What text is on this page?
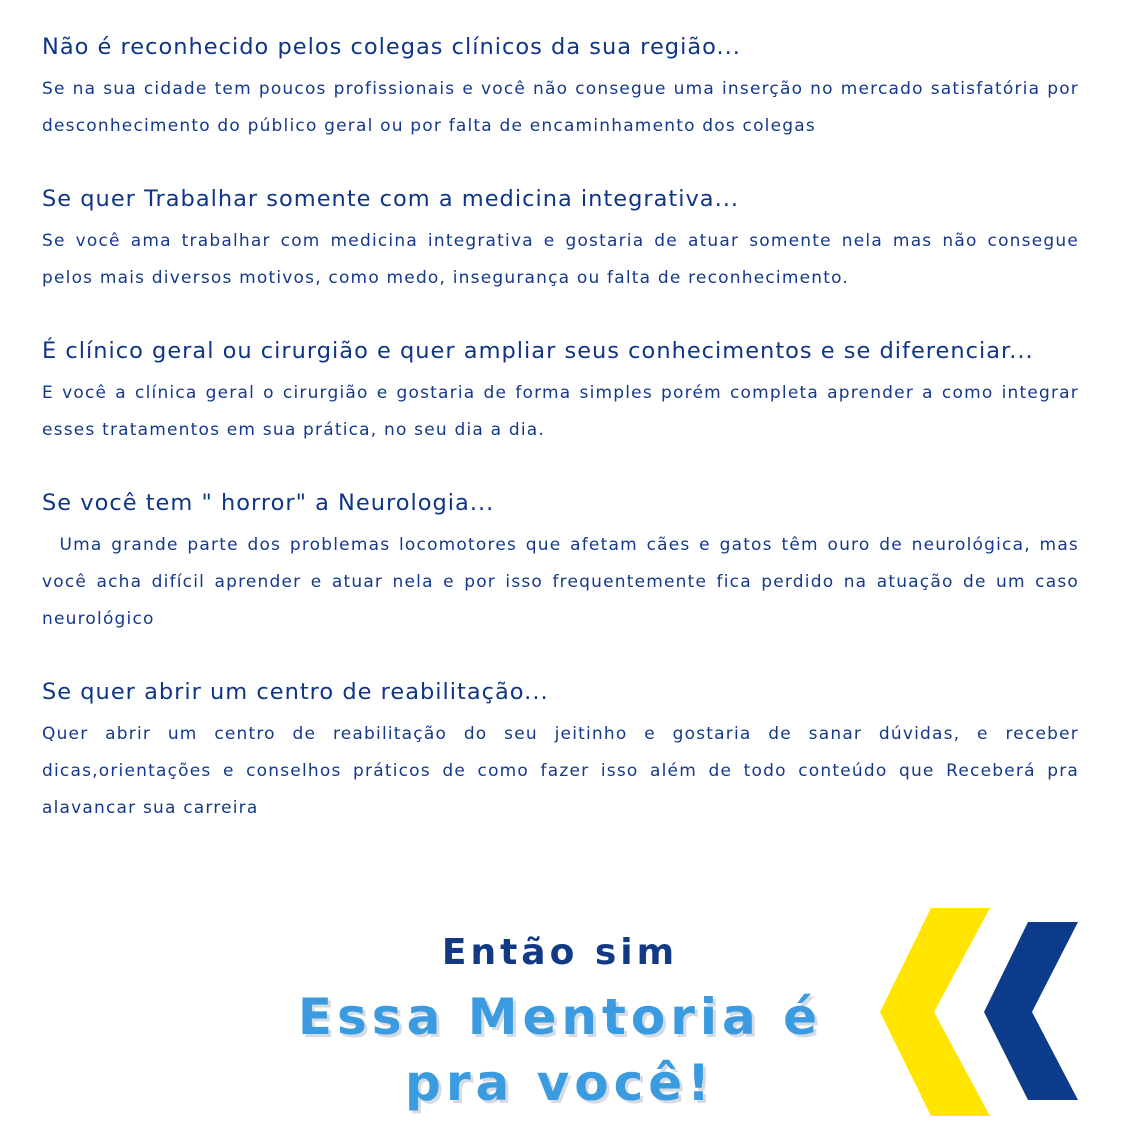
Não é reconhecido pelos colegas clínicos da sua região...

Se na sua cidade tem poucos profissionais e você não consegue uma inserção no mercado satisfatória por desconhecimento do público geral ou por falta de encaminhamento dos colegas

Se quer Trabalhar somente com a medicina integrativa...

Se você ama trabalhar com medicina integrativa e gostaria de atuar somente nela mas não consegue pelos mais diversos motivos, como medo, insegurança ou falta de reconhecimento.

É clínico geral ou cirurgião e quer ampliar seus conhecimentos e se diferenciar...

E você a clínica geral o cirurgião e gostaria de forma simples porém completa aprender a como integrar esses tratamentos em sua prática, no seu dia a dia.

Se você tem " horror" a Neurologia...

Uma grande parte dos problemas locomotores que afetam cães e gatos têm ouro de neurológica, mas você acha difícil aprender e atuar nela e por isso frequentemente fica perdido na atuação de um caso neurológico

Se quer abrir um centro de reabilitação...

Quer abrir um centro de reabilitação do seu jeitinho e gostaria de sanar dúvidas, e receber dicas,orientações e conselhos práticos de como fazer isso além de todo conteúdo que Receberá pra alavancar sua carreira

Então sim
Essa Mentoria é
pra você!
